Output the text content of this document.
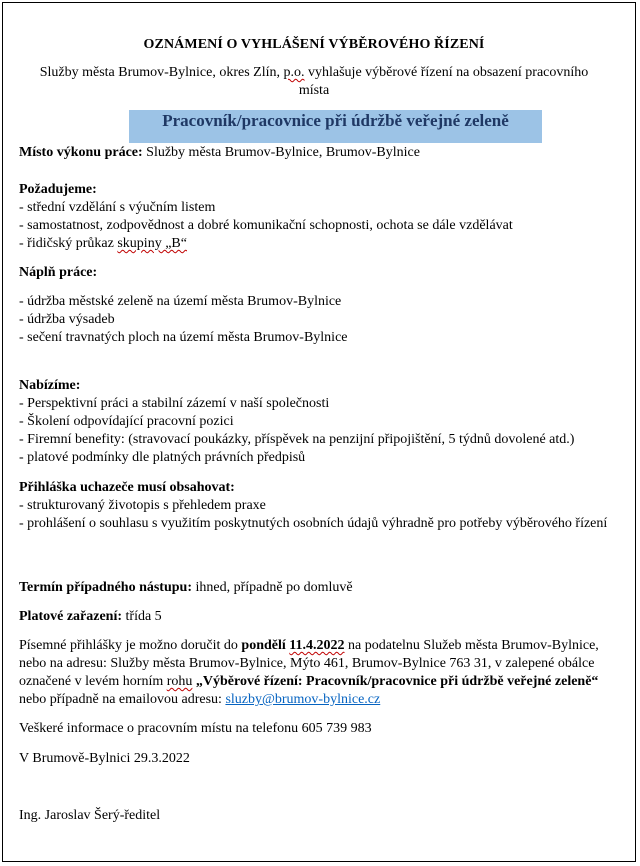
OZNÁMENÍ O VYHLÁŠENÍ VÝBĚROVÉHO ŘÍZENÍ
Služby města Brumov-Bylnice, okres Zlín, p.o. vyhlašuje výběrové řízení na obsazení pracovního
místa
Pracovník/pracovnice při údržbě veřejné zeleně
Místo výkonu práce: Služby města Brumov-Bylnice, Brumov-Bylnice
Požadujeme:
- střední vzdělání s výučním listem
- samostatnost, zodpovědnost a dobré komunikační schopnosti, ochota se dále vzdělávat
- řidičský průkaz skupiny „B“
Náplň práce:
- údržba městské zeleně na území města Brumov-Bylnice
- údržba výsadeb
- sečení travnatých ploch na území města Brumov-Bylnice
Nabízíme:
- Perspektivní práci a stabilní zázemí v naší společnosti
- Školení odpovídající pracovní pozici
- Firemní benefity: (stravovací poukázky, příspěvek na penzijní připojištění, 5 týdnů dovolené atd.)
- platové podmínky dle platných právních předpisů
Přihláška uchazeče musí obsahovat:
- strukturovaný životopis s přehledem praxe
- prohlášení o souhlasu s využitím poskytnutých osobních údajů výhradně pro potřeby výběrového řízení
Termín případného nástupu: ihned, případně po domluvě
Platové zařazení: třída 5
Písemné přihlášky je možno doručit do pondělí 11.4.2022 na podatelnu Služeb města Brumov-Bylnice, nebo na adresu: Služby města Brumov-Bylnice, Mýto 461, Brumov-Bylnice 763 31, v zalepené obálce označené v levém horním rohu „Výběrové řízení: Pracovník/pracovnice při údržbě veřejné zeleně“ nebo případně na emailovou adresu: sluzby@brumov-bylnice.cz
Veškeré informace o pracovním místu na telefonu 605 739 983
V Brumově-Bylnici 29.3.2022
Ing. Jaroslav Šerý-ředitel
